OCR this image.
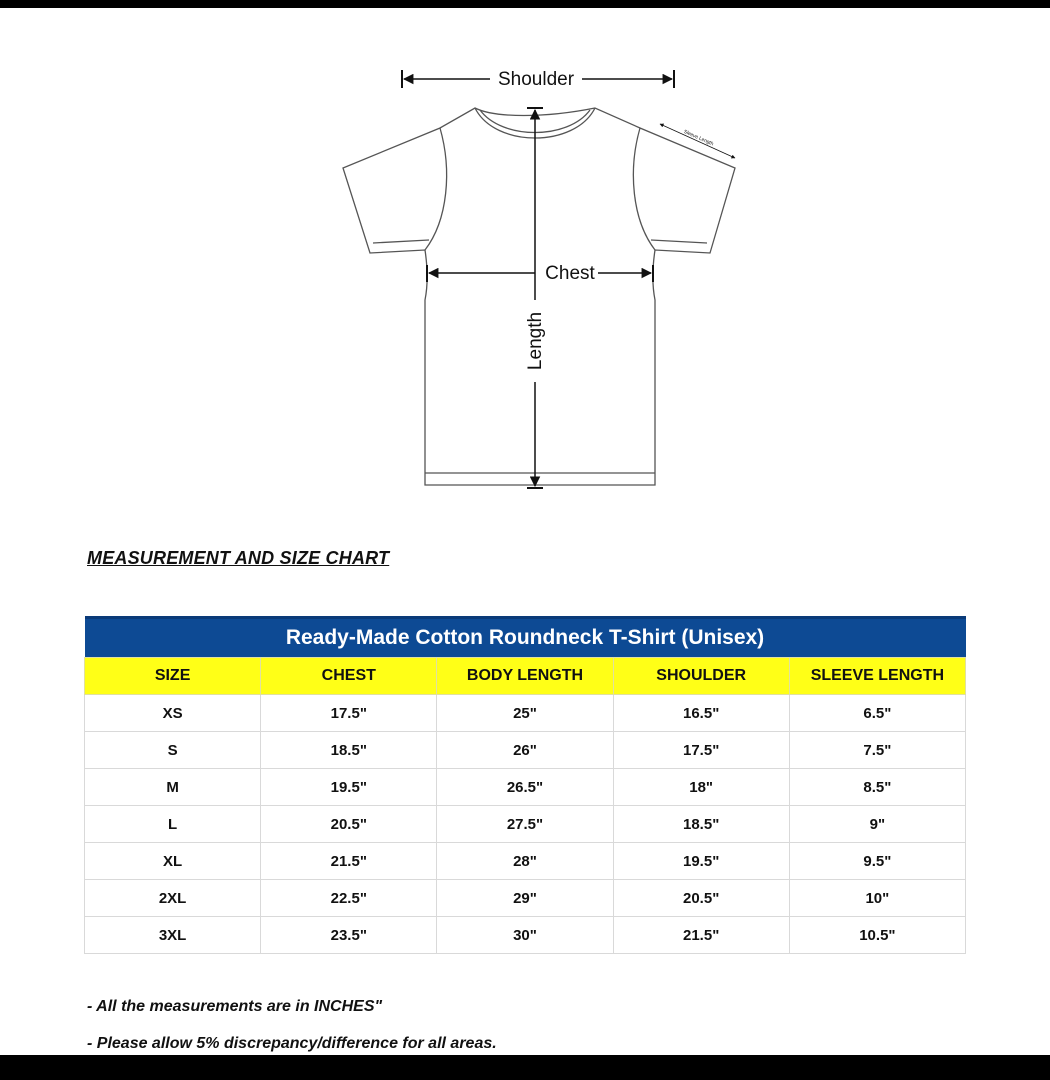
Shoulder
Length
Chest
Sleeve Length
MEASUREMENT AND SIZE CHART
Ready-Made Cotton Roundneck T-Shirt (Unisex)				
SIZE	CHEST	BODY LENGTH	SHOULDER	SLEEVE LENGTH
XS	17.5"	25"	16.5"	6.5"
S	18.5"	26"	17.5"	7.5"
M	19.5"	26.5"	18"	8.5"
L	20.5"	27.5"	18.5"	9"
XL	21.5"	28"	19.5"	9.5"
2XL	22.5"	29"	20.5"	10"
3XL	23.5"	30"	21.5"	10.5"
- All the measurements are in INCHES"
- Please allow 5% discrepancy/difference for all areas.
